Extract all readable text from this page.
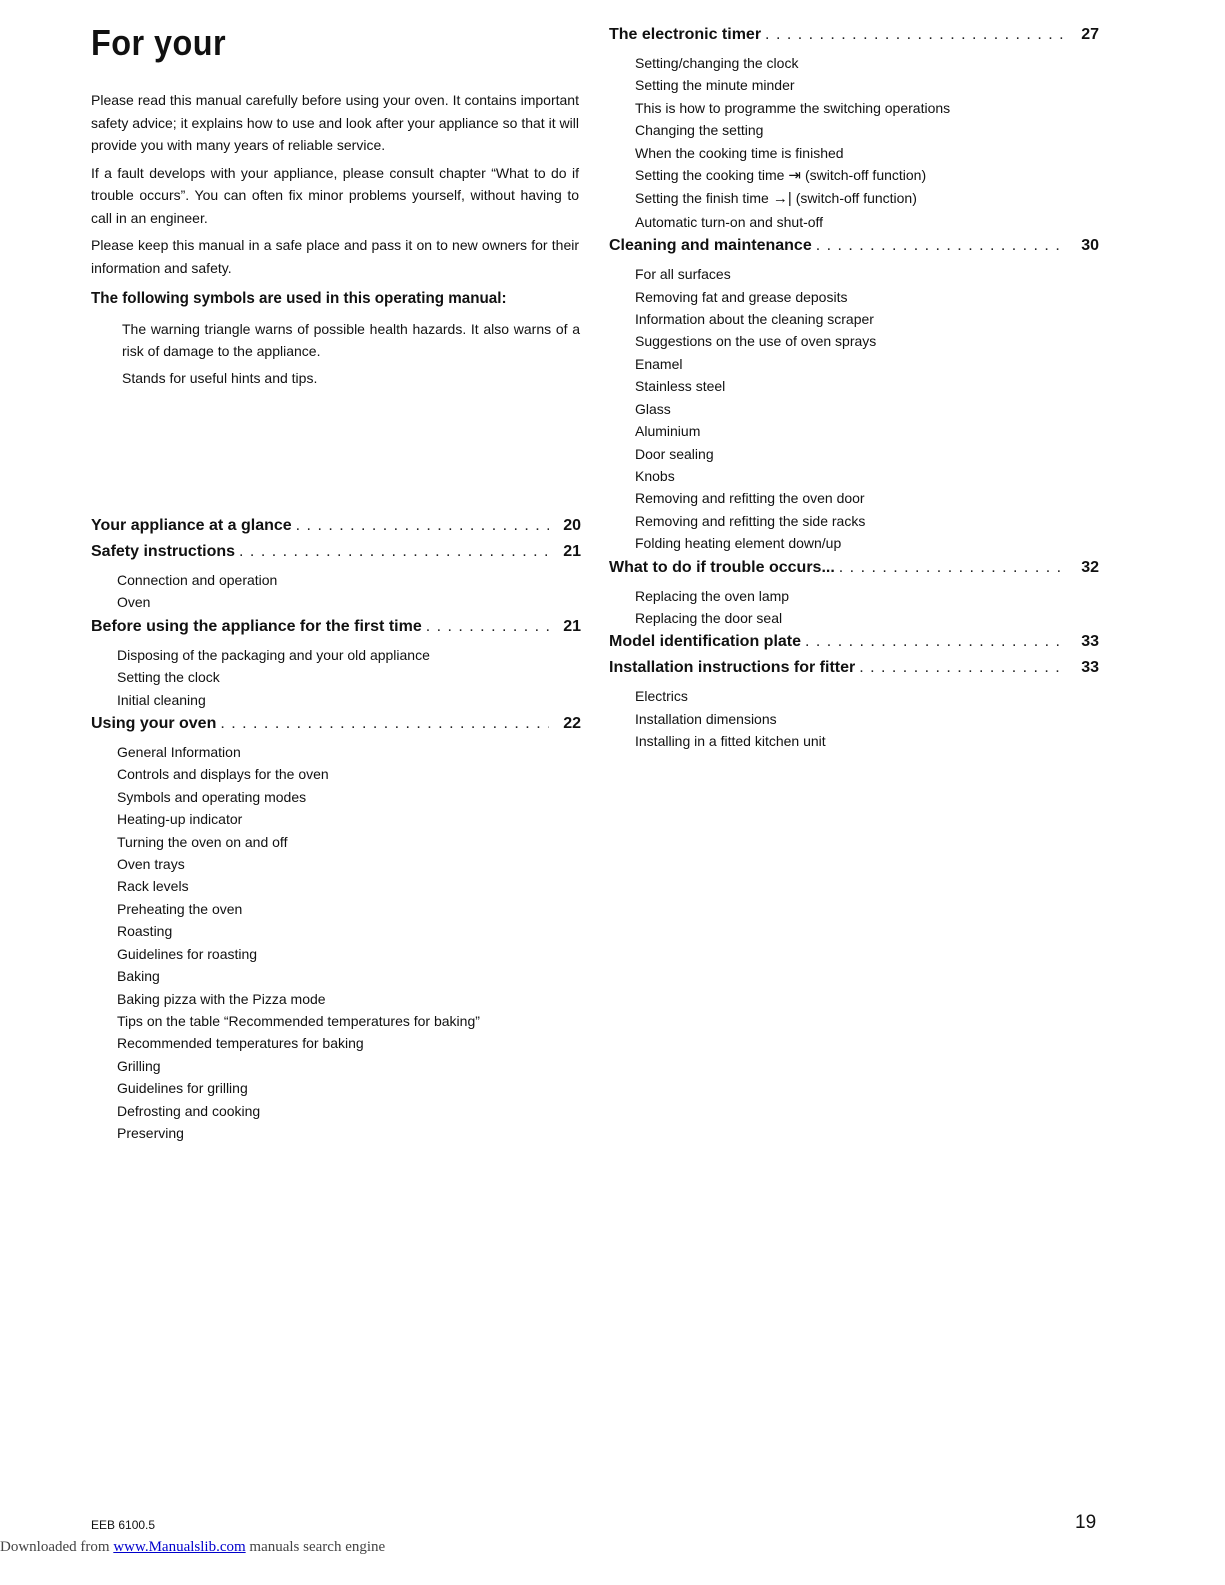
For your

Please read this manual carefully before using your oven. It contains important safety advice; it explains how to use and look after your appliance so that it will provide you with many years of reliable service.

If a fault develops with your appliance, please consult chapter “What to do if trouble occurs”. You can often fix minor problems yourself, without having to call in an engineer.

Please keep this manual in a safe place and pass it on to new owners for their information and safety.

The following symbols are used in this operating manual:

The warning triangle warns of possible health hazards. It also warns of a risk of damage to the appliance.

Stands for useful hints and tips.

Your appliance at a glance . . .	20
Safety instructions . . .	21
Connection and operation
Oven
Before using the appliance for the first time . . .	21
Disposing of the packaging and your old appliance
Setting the clock
Initial cleaning
Using your oven . . .	22
General Information
Controls and displays for the oven
Symbols and operating modes
Heating-up indicator
Turning the oven on and off
Oven trays
Rack levels
Preheating the oven
Roasting
Guidelines for roasting
Baking
Baking pizza with the Pizza mode
Tips on the table “Recommended temperatures for baking”
Recommended temperatures for baking
Grilling
Guidelines for grilling
Defrosting and cooking
Preserving
The electronic timer . . .	27
Setting/changing the clock
Setting the minute minder
This is how to programme the switching operations
Changing the setting
When the cooking time is finished
Setting the cooking time ⇥ (switch-off function)
Setting the finish time →| (switch-off function)
Automatic turn-on and shut-off
Cleaning and maintenance . . .	30
For all surfaces
Removing fat and grease deposits
Information about the cleaning scraper
Suggestions on the use of oven sprays
Enamel
Stainless steel
Glass
Aluminium
Door sealing
Knobs
Removing and refitting the oven door
Removing and refitting the side racks
Folding heating element down/up
What to do if trouble occurs... . . .	32
Replacing the oven lamp
Replacing the door seal
Model identification plate . . .	33
Installation instructions for fitter . . .	33
Electrics
Installation dimensions
Installing in a fitted kitchen unit
EEB 6100.5	19
Downloaded from www.Manualslib.com manuals search engine
